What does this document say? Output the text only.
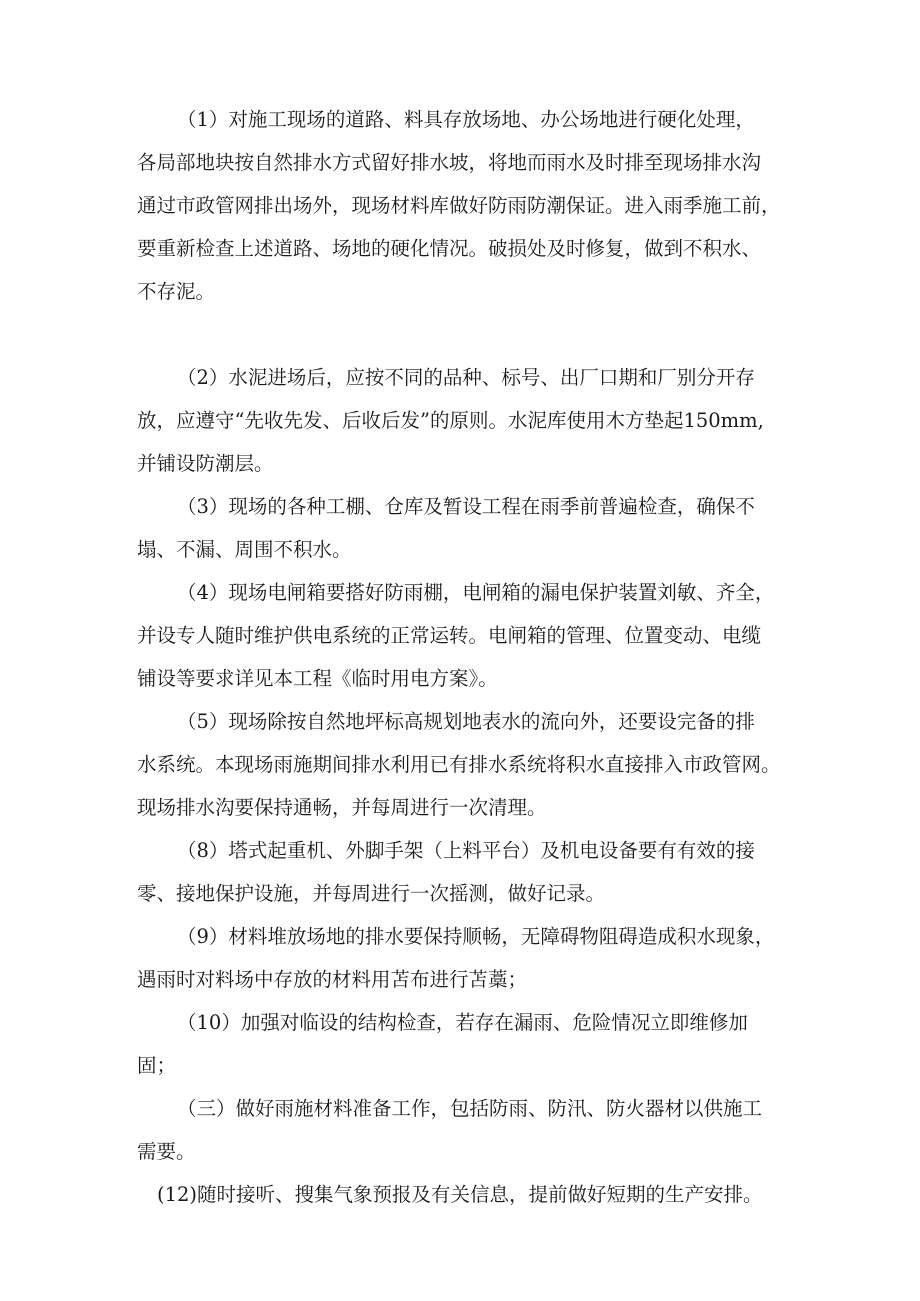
（1）对施工现场的道路、料具存放场地、办公场地进行硬化处理，
各局部地块按自然排水方式留好排水坡，将地而雨水及时排至现场排水沟
通过市政管网排出场外，现场材料库做好防雨防潮保证。进入雨季施工前，
要重新检查上述道路、场地的硬化情况。破损处及时修复，做到不积水、
不存泥。
（2）水泥进场后，应按不同的品种、标号、出厂口期和厂别分开存
放，应遵守“先收先发、后收后发”的原则。水泥库使用木方垫起150mm,
并铺设防潮层。
（3）现场的各种工棚、仓库及暂设工程在雨季前普遍检查，确保不
塌、不漏、周围不积水。
（4）现场电闸箱要搭好防雨棚，电闸箱的漏电保护装置刘敏、齐全，
并设专人随时维护供电系统的正常运转。电闸箱的管理、位置变动、电缆
铺设等要求详见本工程《临时用电方案》。
（5）现场除按自然地坪标高规划地表水的流向外，还要设完备的排
水系统。本现场雨施期间排水利用已有排水系统将积水直接排入市政管网。
现场排水沟要保持通畅，并每周进行一次清理。
（8）塔式起重机、外脚手架（上料平台）及机电设备要有有效的接
零、接地保护设施，并每周进行一次摇测，做好记录。
（9）材料堆放场地的排水要保持顺畅，无障碍物阻碍造成积水现象，
遇雨时对料场中存放的材料用苫布进行苫藁；
（10）加强对临设的结构检查，若存在漏雨、危险情况立即维修加
固；
（三）做好雨施材料准备工作，包括防雨、防汛、防火器材以供施工
需要。
(12)随时接听、搜集气象预报及有关信息，提前做好短期的生产安排。
